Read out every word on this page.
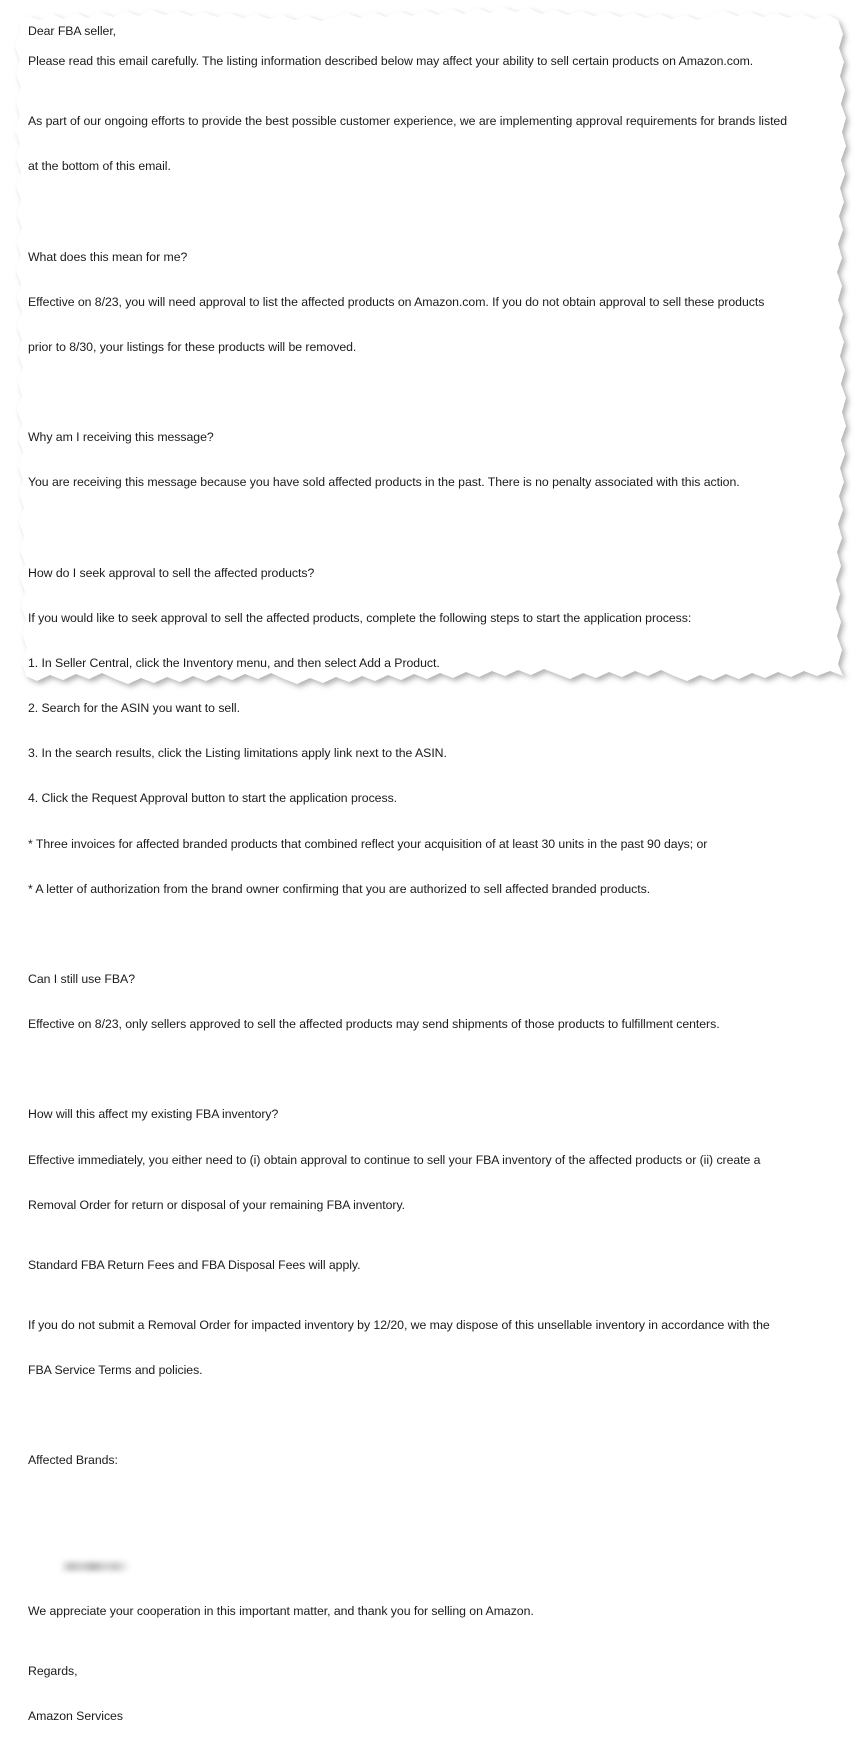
Dear FBA seller,

Please read this email carefully. The listing information described below may affect your ability to sell certain products on Amazon.com.

As part of our ongoing efforts to provide the best possible customer experience, we are implementing approval requirements for brands listed

at the bottom of this email.

What does this mean for me?

Effective on 8/23, you will need approval to list the affected products on Amazon.com. If you do not obtain approval to sell these products

prior to 8/30, your listings for these products will be removed.

Why am I receiving this message?

You are receiving this message because you have sold affected products in the past. There is no penalty associated with this action.

How do I seek approval to sell the affected products?

If you would like to seek approval to sell the affected products, complete the following steps to start the application process:

1. In Seller Central, click the Inventory menu, and then select Add a Product.

2. Search for the ASIN you want to sell.

3. In the search results, click the Listing limitations apply link next to the ASIN.

4. Click the Request Approval button to start the application process.

* Three invoices for affected branded products that combined reflect your acquisition of at least 30 units in the past 90 days; or

* A letter of authorization from the brand owner confirming that you are authorized to sell affected branded products.

Can I still use FBA?

Effective on 8/23, only sellers approved to sell the affected products may send shipments of those products to fulfillment centers.

How will this affect my existing FBA inventory?

Effective immediately, you either need to (i) obtain approval to continue to sell your FBA inventory of the affected products or (ii) create a

Removal Order for return or disposal of your remaining FBA inventory.

Standard FBA Return Fees and FBA Disposal Fees will apply.

If you do not submit a Removal Order for impacted inventory by 12/20, we may dispose of this unsellable inventory in accordance with the

FBA Service Terms and policies.

Affected Brands:

We appreciate your cooperation in this important matter, and thank you for selling on Amazon.

Regards,

Amazon Services
